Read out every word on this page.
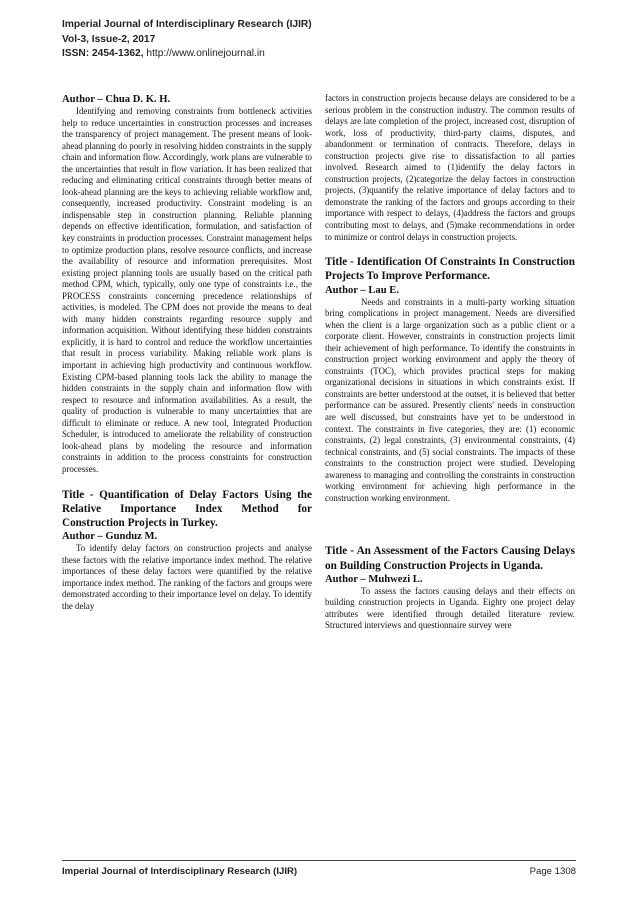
Imperial Journal of Interdisciplinary Research (IJIR)
Vol-3, Issue-2, 2017
ISSN: 2454-1362, http://www.onlinejournal.in

Author – Chua D. K. H.

Identifying and removing constraints from bottleneck activities help to reduce uncertainties in construction processes and increases the transparency of project management. The present means of look-ahead planning do poorly in resolving hidden constraints in the supply chain and information flow. Accordingly, work plans are vulnerable to the uncertainties that result in flow variation. It has been realized that reducing and eliminating critical constraints through better means of look-ahead planning are the keys to achieving reliable workflow and, consequently, increased productivity. Constraint modeling is an indispensable step in construction planning. Reliable planning depends on effective identification, formulation, and satisfaction of key constraints in production processes. Constraint management helps to optimize production plans, resolve resource conflicts, and increase the availability of resource and information prerequisites. Most existing project planning tools are usually based on the critical path method CPM, which, typically, only one type of constraints i.e., the PROCESS constraints concerning precedence relationships of activities, is modeled. The CPM does not provide the means to deal with many hidden constraints regarding resource supply and information acquisition. Without identifying these hidden constraints explicitly, it is hard to control and reduce the workflow uncertainties that result in process variability. Making reliable work plans is important in achieving high productivity and continuous workflow. Existing CPM-based planning tools lack the ability to manage the hidden constraints in the supply chain and information flow with respect to resource and information availabilities. As a result, the quality of production is vulnerable to many uncertainties that are difficult to eliminate or reduce. A new tool, Integrated Production Scheduler, is introduced to ameliorate the reliability of construction look-ahead plans by modeling the resource and information constraints in addition to the process constraints for construction processes.

Title - Quantification of Delay Factors Using the Relative Importance Index Method for Construction Projects in Turkey.

Author – Gunduz M.

To identify delay factors on construction projects and analyse these factors with the relative importance index method. The relative importances of these delay factors were quantified by the relative importance index method. The ranking of the factors and groups were demonstrated according to their importance level on delay. To identify the delay

factors in construction projects because delays are considered to be a serious problem in the construction industry. The common results of delays are late completion of the project, increased cost, disruption of work, loss of productivity, third-party claims, disputes, and abandonment or termination of contracts. Therefore, delays in construction projects give rise to dissatisfaction to all parties involved. Research aimed to (1)identify the delay factors in construction projects, (2)categorize the delay factors in construction projects, (3)quantify the relative importance of delay factors and to demonstrate the ranking of the factors and groups according to their importance with respect to delays, (4)address the factors and groups contributing most to delays, and (5)make recommendations in order to minimize or control delays in construction projects.

Title - Identification Of Constraints In Construction Projects To Improve Performance.

Author – Lau E.

Needs and constraints in a multi-party working situation bring complications in project management. Needs are diversified when the client is a large organization such as a public client or a corporate client. However, constraints in construction projects limit their achievement of high performance. To identify the constraints in construction project working environment and apply the theory of constraints (TOC), which provides practical steps for making organizational decisions in situations in which constraints exist. If constraints are better understood at the outset, it is believed that better performance can be assured. Presently clients' needs in construction are well discussed, but constraints have yet to be understood in context. The constraints in five categories, they are: (1) economic constraints, (2) legal constraints, (3) environmental constraints, (4) technical constraints, and (5) social constraints. The impacts of these constraints to the construction project were studied. Developing awareness to managing and controlling the constraints in construction working environment for achieving high performance in the construction working environment.

Title - An Assessment of the Factors Causing Delays on Building Construction Projects in Uganda.

Author – Muhwezi L.

To assess the factors causing delays and their effects on building construction projects in Uganda. Eighty one project delay attributes were identified through detailed literature review. Structured interviews and questionnaire survey were

Imperial Journal of Interdisciplinary Research (IJIR)	Page 1308
